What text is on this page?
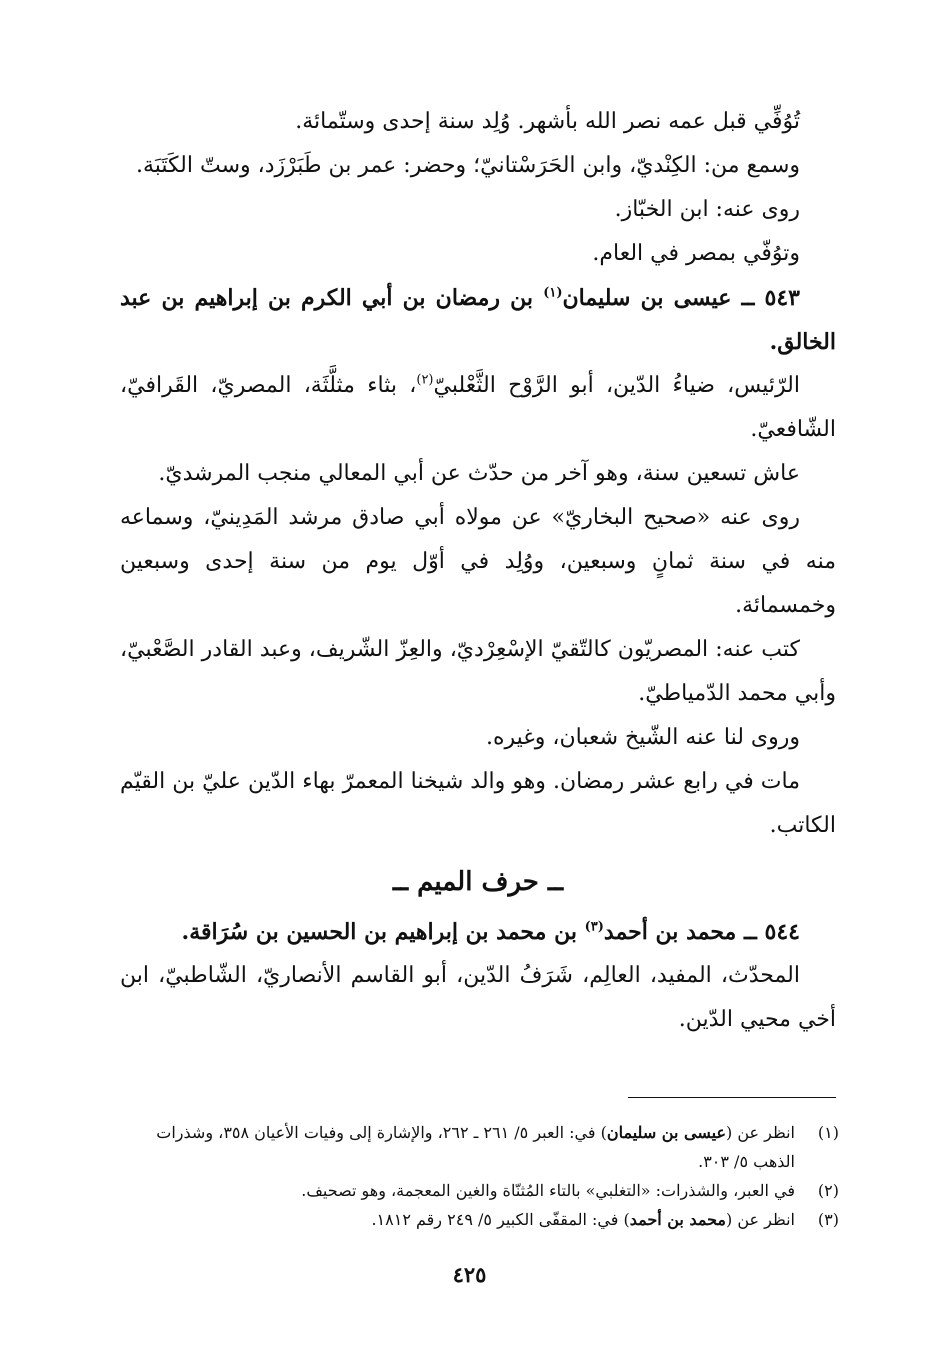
تُوُفِّي قبل عمه نصر الله بأشهر. وُلِد سنة إحدى وستّمائة.

وسمع من: الكِنْديّ، وابن الحَرَسْتانيّ؛ وحضر: عمر بن طَبَرْزَد، وستّ الكَتَبَة.

روى عنه: ابن الخبّاز.

وتوُفّي بمصر في العام.

٥٤٣ ــ عيسى بن سليمان$^{(١)}$ بن رمضان بن أبي الكرم بن إبراهيم بن عبد الخالق.

الرّئيس، ضياءُ الدّين، أبو الرَّوْح الثَّعْلبيّ$^{(٢)}$، بثاء مثلَّثَة، المصريّ، القَرافيّ، الشّافعيّ.

عاش تسعين سنة، وهو آخر من حدّث عن أبي المعالي منجب المرشديّ.

روى عنه «صحيح البخاريّ» عن مولاه أبي صادق مرشد المَدِينيّ، وسماعه منه في سنة ثمانٍ وسبعين، ووُلِد في أوّل يوم من سنة إحدى وسبعين وخمسمائة.

كتب عنه: المصريّون كالتّقيّ الإسْعِرْديّ، والعِزّ الشّريف، وعبد القادر الصَّعْبيّ، وأبي محمد الدّمياطيّ.

وروى لنا عنه الشّيخ شعبان، وغيره.

مات في رابع عشر رمضان. وهو والد شيخنا المعمرّ بهاء الدّين عليّ بن القيّم الكاتب.

ــ حرف الميم ــ

٥٤٤ ــ محمد بن أحمد$^{(٣)}$ بن محمد بن إبراهيم بن الحسين بن سُرَاقة.

المحدّث، المفيد، العالِم، شَرَفُ الدّين، أبو القاسم الأنصاريّ، الشّاطبيّ، ابن أخي محيي الدّين.

(١)
انظر عن (عيسى بن سليمان) في: العبر ٥/ ٢٦١ ـ ٢٦٢، والإشارة إلى وفيات الأعيان ٣٥٨، وشذرات الذهب ٥/ ٣٠٣.
(٢)
في العبر، والشذرات: «التغلبي» بالتاء المُثنّاة والغين المعجمة، وهو تصحيف.
(٣)
انظر عن (محمد بن أحمد) في: المقفّى الكبير ٥/ ٢٤٩ رقم ١٨١٢.
٤٢٥
